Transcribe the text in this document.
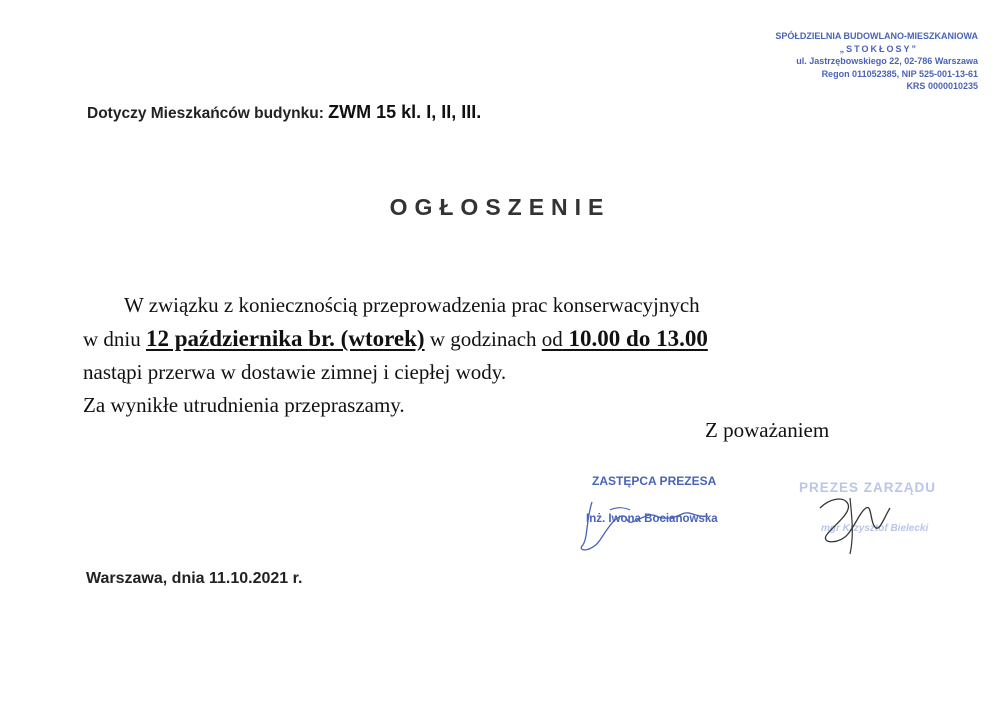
SPÓŁDZIELNIA BUDOWLANO-MIESZKANIOWA
„STOKŁOSY”
ul. Jastrzębowskiego 22, 02-786 Warszawa
Regon 011052385, NIP 525-001-13-61
KRS 0000010235
Dotyczy Mieszkańców budynku: ZWM 15 kl. I, II, III.
OGŁOSZENIE

W związku z koniecznością przeprowadzenia prac konserwacyjnych

w dniu 12 października br. (wtorek) w godzinach od 10.00 do 13.00

nastąpi przerwa w dostawie zimnej i ciepłej wody.

Za wynikłe utrudnienia przepraszamy.

Z poważaniem
ZASTĘPCA PREZESA
Inż. Iwona Bocianowska
PREZES ZARZĄDU
mgr Krzysztof Bielecki
Warszawa, dnia 11.10.2021 r.
